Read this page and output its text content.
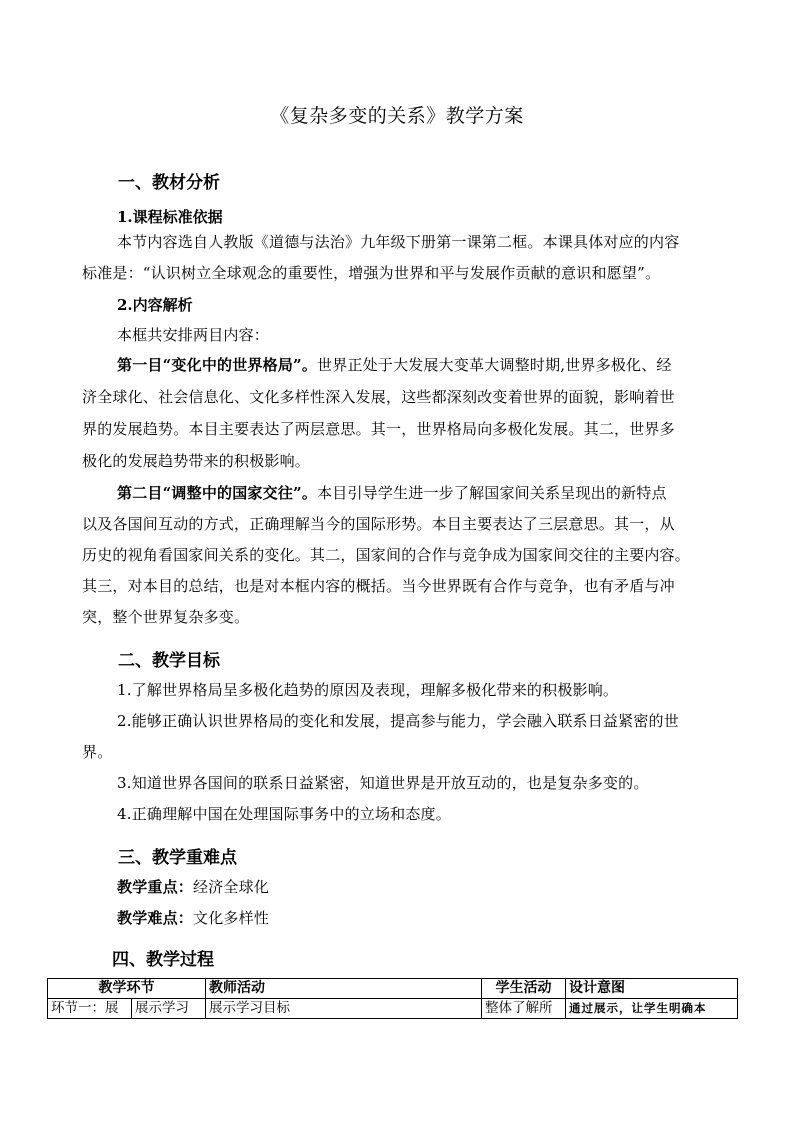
《复杂多变的关系》教学方案
一、教材分析
1.课程标准依据
本节内容选自人教版《道德与法治》九年级下册第一课第二框。本课具体对应的内容
标准是：“认识树立全球观念的重要性，增强为世界和平与发展作贡献的意识和愿望”。
2.内容解析
本框共安排两目内容：
第一目“变化中的世界格局”。世界正处于大发展大变革大调整时期,世界多极化、经
济全球化、社会信息化、文化多样性深入发展，这些都深刻改变着世界的面貌，影响着世
界的发展趋势。本目主要表达了两层意思。其一，世界格局向多极化发展。其二，世界多
极化的发展趋势带来的积极影响。
第二目“调整中的国家交往”。本目引导学生进一步了解国家间关系呈现出的新特点
以及各国间互动的方式，正确理解当今的国际形势。本目主要表达了三层意思。其一，从
历史的视角看国家间关系的变化。其二，国家间的合作与竞争成为国家间交往的主要内容。
其三，对本目的总结，也是对本框内容的概括。当今世界既有合作与竞争，也有矛盾与冲
突，整个世界复杂多变。
二、教学目标
1.了解世界格局呈多极化趋势的原因及表现，理解多极化带来的积极影响。
2.能够正确认识世界格局的变化和发展，提高参与能力，学会融入联系日益紧密的世
界。
3.知道世界各国间的联系日益紧密，知道世界是开放互动的，也是复杂多变的。
4.正确理解中国在处理国际事务中的立场和态度。
三、教学重难点
教学重点：经济全球化
教学难点：文化多样性
四、教学过程
教学环节		教师活动	学生活动	设计意图
环节一：展	展示学习	展示学习目标	整体了解所	通过展示，让学生明确本
